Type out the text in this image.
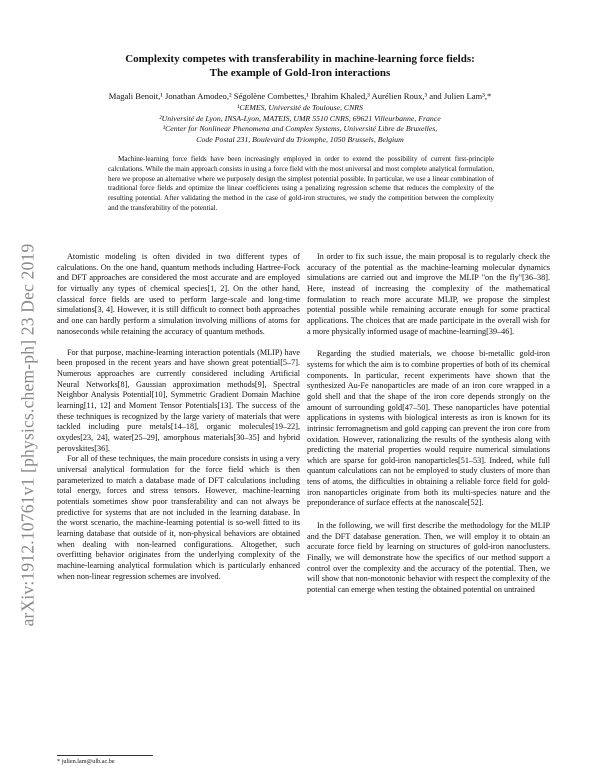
arXiv:1912.10761v1 [physics.chem-ph] 23 Dec 2019
Complexity competes with transferability in machine-learning force fields:
The example of Gold-Iron interactions
Magali Benoit,¹ Jonathan Amodeo,² Ségolène Combettes,¹ Ibrahim Khaled,³ Aurélien Roux,³ and Julien Lam³,*
¹CEMES, Université de Toulouse, CNRS
²Université de Lyon, INSA-Lyon, MATEIS, UMR 5510 CNRS, 69621 Villeurbanne, France
³Center for Nonlinear Phenomena and Complex Systems, Université Libre de Bruxelles,
Code Postal 231, Boulevard du Triomphe, 1050 Brussels, Belgium

Machine-learning force fields have been increasingly employed in order to extend the possibility of current first-principle calculations. While the main approach consists in using a force field with the most universal and most complete analytical formulation, here we propose an alternative where we purposely design the simplest potential possible. In particular, we use a linear combination of traditional force fields and optimize the linear coefficients using a penalizing regression scheme that reduces the complexity of the resulting potential. After validating the method in the case of gold-iron structures, we study the competition between the complexity and the transferability of the potential.

Atomistic modeling is often divided in two different types of calculations. On the one hand, quantum methods including Hartree-Fock and DFT approaches are considered the most accurate and are employed for virtually any types of chemical species[1, 2]. On the other hand, classical force fields are used to perform large-scale and long-time simulations[3, 4]. However, it is still difficult to connect both approaches and one can hardly perform a simulation involving millions of atoms for nanoseconds while retaining the accuracy of quantum methods.

For that purpose, machine-learning interaction potentials (MLIP) have been proposed in the recent years and have shown great potential[5–7]. Numerous approaches are currently considered including Artificial Neural Networks[8], Gaussian approximation methods[9], Spectral Neighbor Analysis Potential[10], Symmetric Gradient Domain Machine learning[11, 12] and Moment Tensor Potentials[13]. The success of the these techniques is recognized by the large variety of materials that were tackled including pure metals[14–18], organic molecules[19–22], oxydes[23, 24], water[25–29], amorphous materials[30–35] and hybrid perovskites[36].

For all of these techniques, the main procedure consists in using a very universal analytical formulation for the force field which is then parameterized to match a database made of DFT calculations including total energy, forces and stress tensors. However, machine-learning potentials sometimes show poor transferability and can not always be predictive for systems that are not included in the learning database. In the worst scenario, the machine-learning potential is so-well fitted to its learning database that outside of it, non-physical behaviors are obtained when dealing with non-learned configurations. Altogether, such overfitting behavior originates from the underlying complexity of the machine-learning analytical formulation which is particularly enhanced when non-linear regression schemes are involved.

In order to fix such issue, the main proposal is to regularly check the accuracy of the potential as the machine-learning molecular dynamics simulations are carried out and improve the MLIP "on the fly"[36–38]. Here, instead of increasing the complexity of the mathematical formulation to reach more accurate MLIP, we propose the simplest potential possible while remaining accurate enough for some practical applications. The choices that are made participate in the overall wish for a more physically informed usage of machine-learning[39–46].

Regarding the studied materials, we choose bi-metallic gold-iron systems for which the aim is to combine properties of both of its chemical components. In particular, recent experiments have shown that the synthesized Au-Fe nanoparticles are made of an iron core wrapped in a gold shell and that the shape of the iron core depends strongly on the amount of surrounding gold[47–50]. These nanoparticles have potential applications in systems with biological interests as iron is known for its intrinsic ferromagnetism and gold capping can prevent the iron core from oxidation. However, rationalizing the results of the synthesis along with predicting the material properties would require numerical simulations which are sparse for gold-iron nanoparticles[51–53]. Indeed, while full quantum calculations can not be employed to study clusters of more than tens of atoms, the difficulties in obtaining a reliable force field for gold-iron nanoparticles originate from both its multi-species nature and the preponderance of surface effects at the nanoscale[52].

In the following, we will first describe the methodology for the MLIP and the DFT database generation. Then, we will employ it to obtain an accurate force field by learning on structures of gold-iron nanoclusters. Finally, we will demonstrate how the specifics of our method support a control over the complexity and the accuracy of the potential. Then, we will show that non-monotonic behavior with respect the complexity of the potential can emerge when testing the obtained potential on untrained

* julien.lam@ulb.ac.be
